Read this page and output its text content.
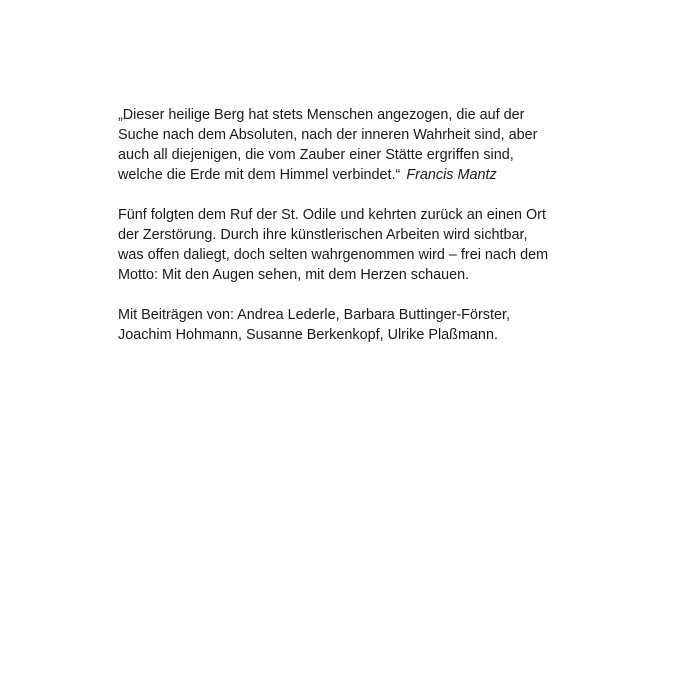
„Dieser heilige Berg hat stets Menschen angezogen, die auf der
Suche nach dem Absoluten, nach der inneren Wahrheit sind, aber
auch all diejenigen, die vom Zauber einer Stätte ergriffen sind,
welche die Erde mit dem Himmel verbindet.“ Francis Mantz

Fünf folgten dem Ruf der St. Odile und kehrten zurück an einen Ort
der Zerstörung. Durch ihre künstlerischen Arbeiten wird sichtbar,
was offen daliegt, doch selten wahrgenommen wird – frei nach dem
Motto: Mit den Augen sehen, mit dem Herzen schauen.

Mit Beiträgen von: Andrea Lederle, Barbara Buttinger-Förster,
Joachim Hohmann, Susanne Berkenkopf, Ulrike Plaßmann.
